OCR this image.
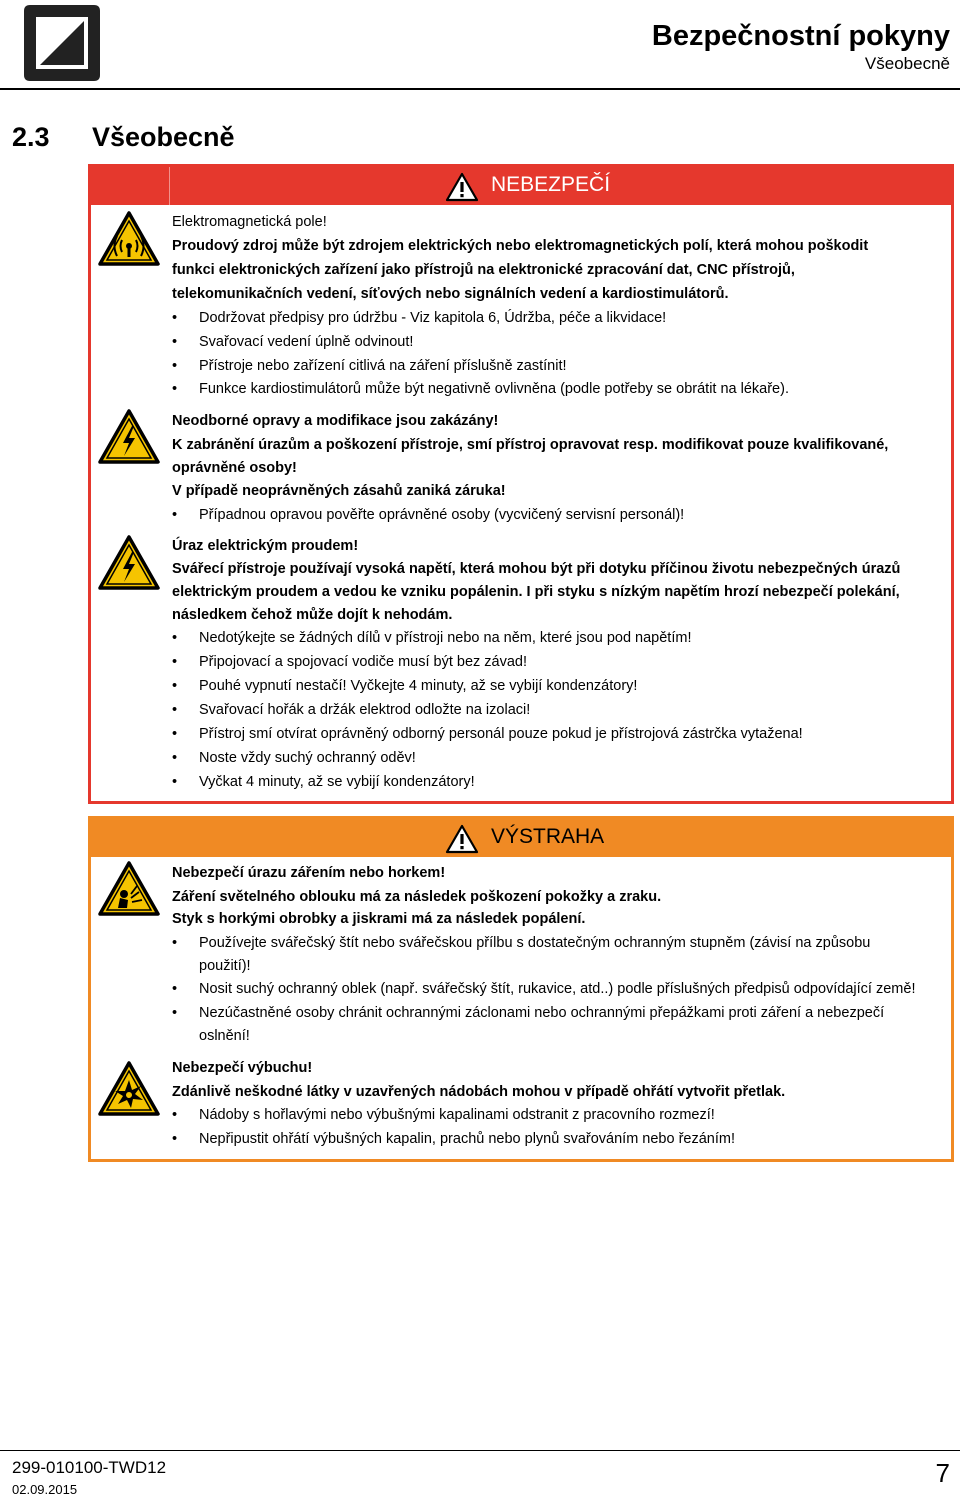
Bezpečnostní pokyny
Všeobecně
2.3 Všeobecně
NEBEZPEČÍ
Elektromagnetická pole!
Proudový zdroj může být zdrojem elektrických nebo elektromagnetických polí, která mohou poškodit
funkci elektronických zařízení jako přístrojů na elektronické zpracování dat, CNC přístrojů,
telekomunikačních vedení, síťových nebo signálních vedení a kardiostimulátorů.
• Dodržovat předpisy pro údržbu - Viz kapitola 6, Údržba, péče a likvidace!
• Svařovací vedení úplně odvinout!
• Přístroje nebo zařízení citlivá na záření příslušně zastínit!
• Funkce kardiostimulátorů může být negativně ovlivněna (podle potřeby se obrátit na lékaře).
Neodborné opravy a modifikace jsou zakázány!
K zabránění úrazům a poškození přístroje, smí přístroj opravovat resp. modifikovat pouze kvalifikované,
oprávněné osoby!
V případě neoprávněných zásahů zaniká záruka!
• Případnou opravou pověřte oprávněné osoby (vycvičený servisní personál)!
Úraz elektrickým proudem!
Svářecí přístroje používají vysoká napětí, která mohou být při dotyku příčinou životu nebezpečných úrazů
elektrickým proudem a vedou ke vzniku popálenin. I při styku s nízkým napětím hrozí nebezpečí polekání,
následkem čehož může dojít k nehodám.
• Nedotýkejte se žádných dílů v přístroji nebo na něm, které jsou pod napětím!
• Připojovací a spojovací vodiče musí být bez závad!
• Pouhé vypnutí nestačí! Vyčkejte 4 minuty, až se vybijí kondenzátory!
• Svařovací hořák a držák elektrod odložte na izolaci!
• Přístroj smí otvírat oprávněný odborný personál pouze pokud je přístrojová zástrčka vytažena!
• Noste vždy suchý ochranný oděv!
• Vyčkat 4 minuty, až se vybijí kondenzátory!
VÝSTRAHA
Nebezpečí úrazu zářením nebo horkem!
Záření světelného oblouku má za následek poškození pokožky a zraku.
Styk s horkými obrobky a jiskrami má za následek popálení.
• Používejte svářečský štít nebo svářečskou přílbu s dostatečným ochranným stupněm (závisí na způsobu
použití)!
• Nosit suchý ochranný oblek (např. svářečský štít, rukavice, atd..) podle příslušných předpisů odpovídající země!
• Nezúčastněné osoby chránit ochrannými záclonami nebo ochrannými přepážkami proti záření a nebezpečí
oslnění!
Nebezpečí výbuchu!
Zdánlivě neškodné látky v uzavřených nádobách mohou v případě ohřátí vytvořit přetlak.
• Nádoby s hořlavými nebo výbušnými kapalinami odstranit z pracovního rozmezí!
• Nepřipustit ohřátí výbušných kapalin, prachů nebo plynů svařováním nebo řezáním!
299-010100-TWD12
02.09.2015
7
